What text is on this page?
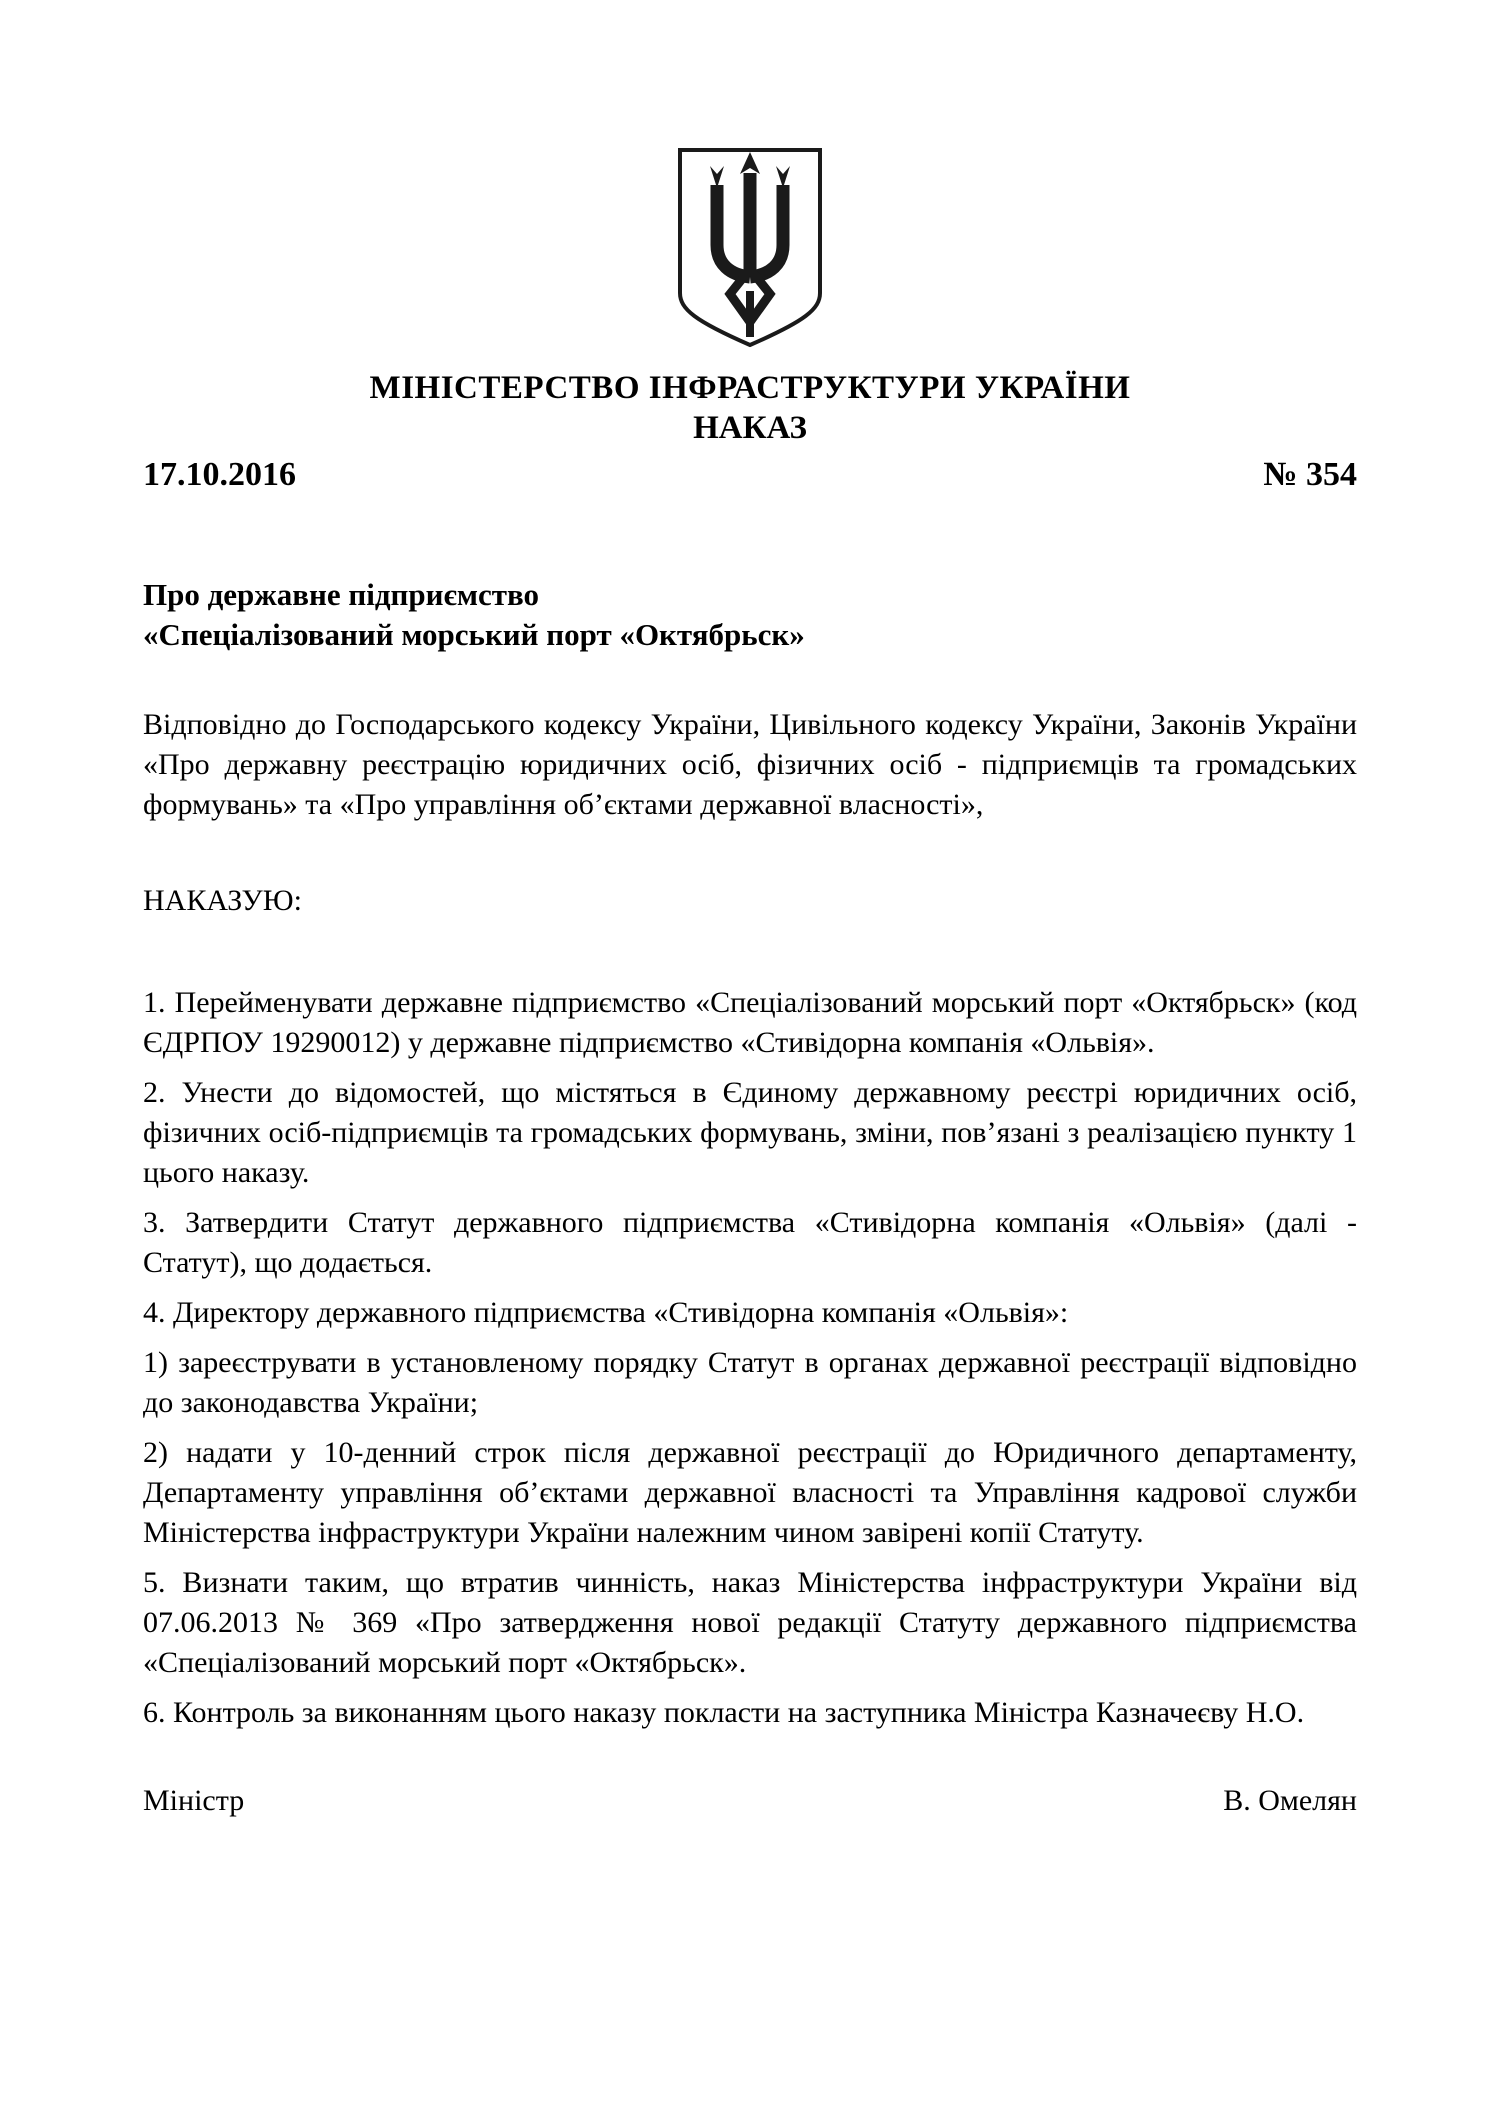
МІНІСТЕРСТВО ІНФРАСТРУКТУРИ УКРАЇНИ
НАКАЗ
17.10.2016	№ 354
Про державне підприємство
«Спеціалізований морський порт «Октябрьск»

Відповідно до Господарського кодексу України, Цивільного кодексу України, Законів України «Про державну реєстрацію юридичних осіб, фізичних осіб - підприємців та громадських формувань» та «Про управління об’єктами державної власності»,

НАКАЗУЮ:

1. Перейменувати державне підприємство «Спеціалізований морський порт «Октябрьск» (код ЄДРПОУ 19290012) у державне підприємство «Стивідорна компанія «Ольвія».

2. Унести до відомостей, що містяться в Єдиному державному реєстрі юридичних осіб, фізичних осіб-підприємців та громадських формувань, зміни, пов’язані з реалізацією пункту 1 цього наказу.

3. Затвердити Статут державного підприємства «Стивідорна компанія «Ольвія» (далі - Статут), що додається.

4. Директору державного підприємства «Стивідорна компанія «Ольвія»:

1) зареєструвати в установленому порядку Статут в органах державної реєстрації відповідно до законодавства України;

2) надати у 10-денний строк після державної реєстрації до Юридичного департаменту, Департаменту управління об’єктами державної власності та Управління кадрової служби Міністерства інфраструктури України належним чином завірені копії Статуту.

5. Визнати таким, що втратив чинність, наказ Міністерства інфраструктури України від 07.06.2013 № 369 «Про затвердження нової редакції Статуту державного підприємства «Спеціалізований морський порт «Октябрьск».

6. Контроль за виконанням цього наказу покласти на заступника Міністра Казначеєву Н.О.

Міністр	В. Омелян
